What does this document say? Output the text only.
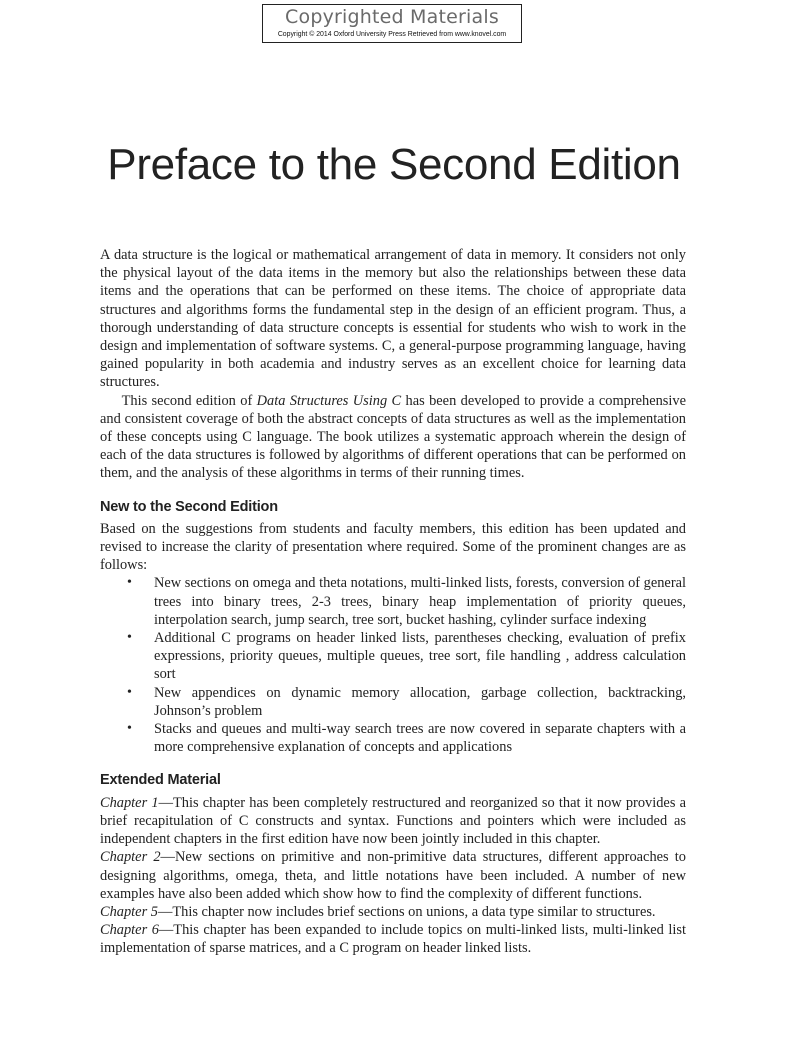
Copyrighted Materials
Copyright © 2014 Oxford University Press Retrieved from www.knovel.com
Preface to the Second Edition

A data structure is the logical or mathematical arrangement of data in memory. It considers not only the physical layout of the data items in the memory but also the relationships between these data items and the operations that can be performed on these items. The choice of appropriate data structures and algorithms forms the fundamental step in the design of an efficient program. Thus, a thorough understanding of data structure concepts is essential for students who wish to work in the design and implementation of software systems. C, a general-purpose programming language, having gained popularity in both academia and industry serves as an excellent choice for learning data structures.

This second edition of Data Structures Using C has been developed to provide a comprehensive and consistent coverage of both the abstract concepts of data structures as well as the implementation of these concepts using C language. The book utilizes a systematic approach wherein the design of each of the data structures is followed by algorithms of different operations that can be performed on them, and the analysis of these algorithms in terms of their running times.

New to the Second Edition

Based on the suggestions from students and faculty members, this edition has been updated and revised to increase the clarity of presentation where required. Some of the prominent changes are as follows:

• New sections on omega and theta notations, multi-linked lists, forests, conversion of general trees into binary trees, 2-3 trees, binary heap implementation of priority queues, interpolation search, jump search, tree sort, bucket hashing, cylinder surface indexing
• Additional C programs on header linked lists, parentheses checking, evaluation of prefix expressions, priority queues, multiple queues, tree sort, file handling , address calculation sort
• New appendices on dynamic memory allocation, garbage collection, backtracking, Johnson’s problem
• Stacks and queues and multi-way search trees are now covered in separate chapters with a more comprehensive explanation of concepts and applications
Extended Material

Chapter 1—This chapter has been completely restructured and reorganized so that it now provides a brief recapitulation of C constructs and syntax. Functions and pointers which were included as independent chapters in the first edition have now been jointly included in this chapter.

Chapter 2—New sections on primitive and non-primitive data structures, different approaches to designing algorithms, omega, theta, and little notations have been included. A number of new examples have also been added which show how to find the complexity of different functions.

Chapter 5—This chapter now includes brief sections on unions, a data type similar to structures.

Chapter 6—This chapter has been expanded to include topics on multi-linked lists, multi-linked list implementation of sparse matrices, and a C program on header linked lists.
